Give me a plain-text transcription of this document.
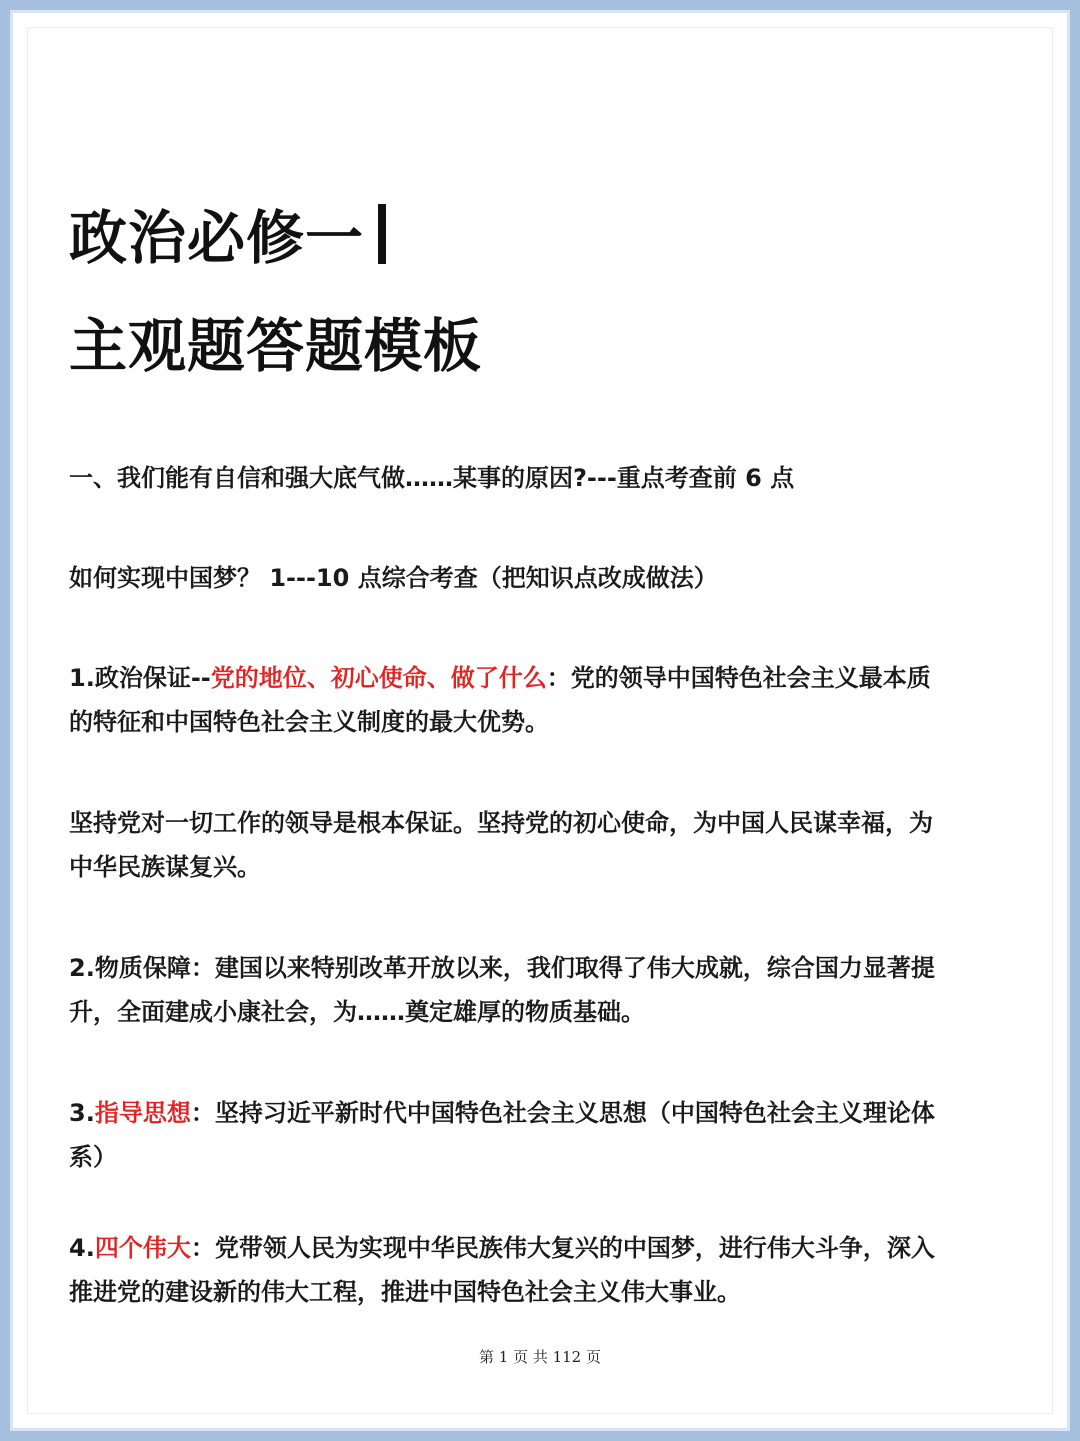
政治必修一
主观题答题模板
一、我们能有自信和强大底气做……某事的原因?---重点考查前 6 点
如何实现中国梦？ 1---10 点综合考查（把知识点改成做法）
1.政治保证--党的地位、初心使命、做了什么：党的领导中国特色社会主义最本质
的特征和中国特色社会主义制度的最大优势。
坚持党对一切工作的领导是根本保证。坚持党的初心使命，为中国人民谋幸福，为
中华民族谋复兴。
2.物质保障：建国以来特别改革开放以来，我们取得了伟大成就，综合国力显著提
升，全面建成小康社会，为……奠定雄厚的物质基础。
3.指导思想：坚持习近平新时代中国特色社会主义思想（中国特色社会主义理论体
系）
4.四个伟大：党带领人民为实现中华民族伟大复兴的中国梦，进行伟大斗争，深入
推进党的建设新的伟大工程，推进中国特色社会主义伟大事业。
第 1 页 共 112 页
